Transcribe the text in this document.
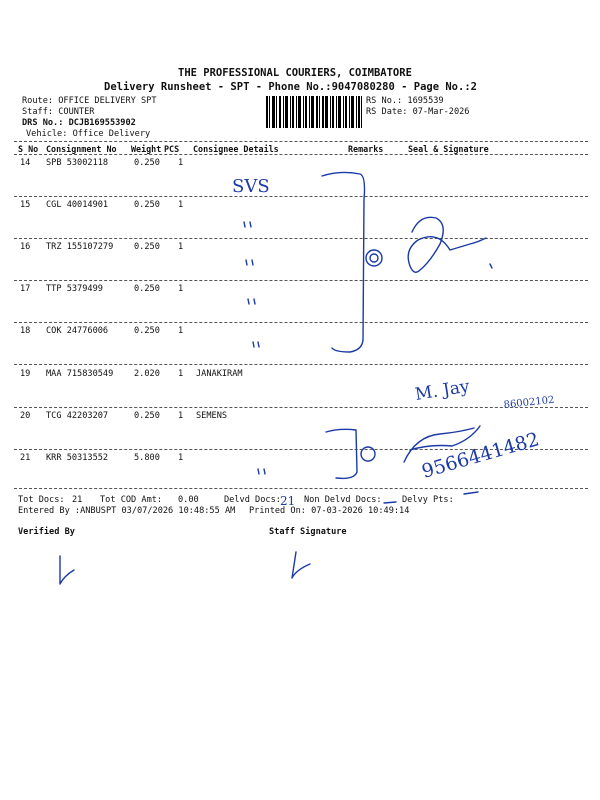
THE PROFESSIONAL COURIERS, COIMBATORE
Delivery Runsheet - SPT - Phone No.:9047080280 - Page No.:2
Route: OFFICE DELIVERY SPT
Staff: COUNTER
DRS No.: DCJB169553902
Vehicle: Office Delivery
RS No.: 1695539
RS Date: 07-Mar-2026
S No Consignment No Weight PCS Consignee Details	Remarks	Seal & Signature
14 SPB 53002118	0.250 1
15 CGL 40014901	0.250 1
16 TRZ 155107279 0.250 1
17 TTP 5379499	0.250 1
18 COK 24776006	0.250 1
19 MAA 715830549 2.020 1 JANAKIRAM
20 TCG 42203207	0.250 1 SEMENS
21 KRR 50313552	5.800 1
Tot Docs: 21 Tot COD Amt: 0.00	Delvd Docs:	Non Delvd Docs: Delvy Pts:
Entered By :ANBUSPT 03/07/2026 10:48:55 AM Printed On: 07-03-2026 10:49:14
Verified By	Staff Signature
SVS
M. Jay	86002102
9566441482
21
